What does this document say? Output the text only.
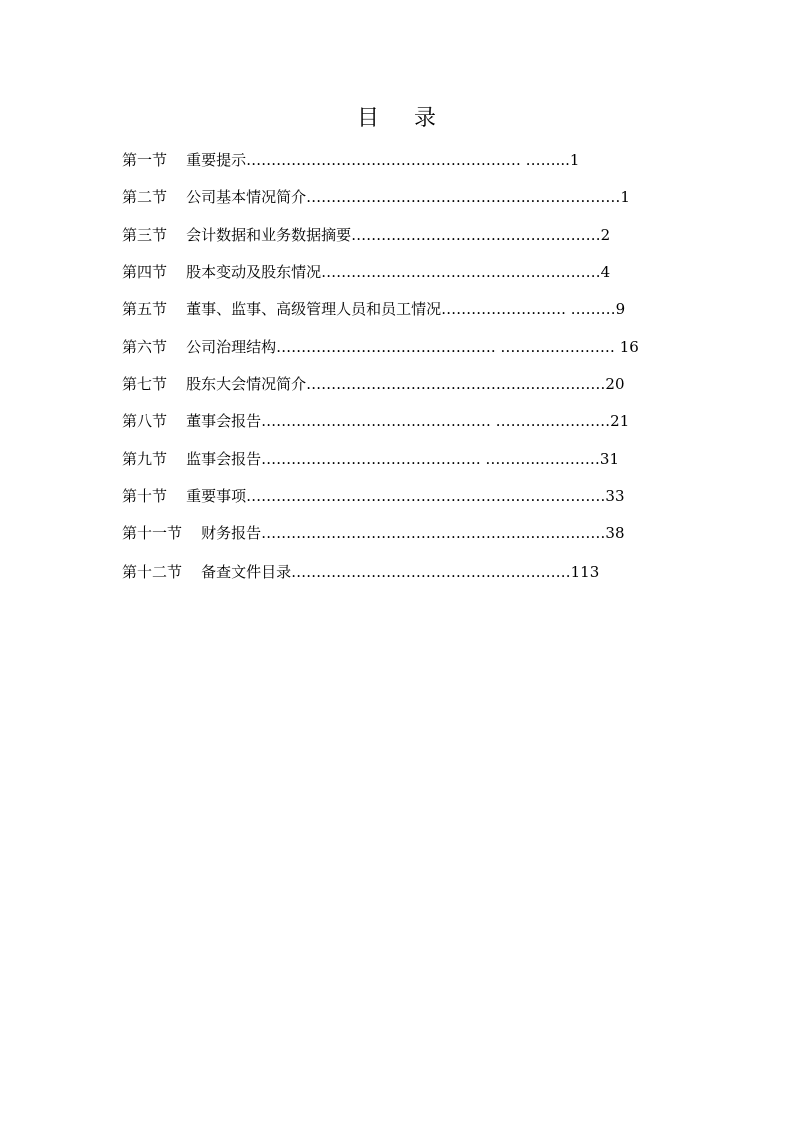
目 录
第一节 重要提示……………………….……………………… ……...1
第二节 公司基本情况简介……………….……………………..………………1
第三节 会计数据和业务数据摘要……….………………….………………2
第四节 股本变动及股东情况…………….………………….………………4
第五节 董事、监事、高级管理人员和员工情况……………………. ………9
第六节 公司治理结构…………………….………………. ………..………… 16
第七节 股东大会情况简介……………….……………………..……………20
第八节 董事会报告………………………….…………… ………..…………21
第九节 监事会报告…………………….………………. ………..…………31
第十节 重要事项………………………….…………………..………………33
第十一节 财务报告……………………….……………………..……………38
第十二节 备查文件目录………………….……………….……………113
